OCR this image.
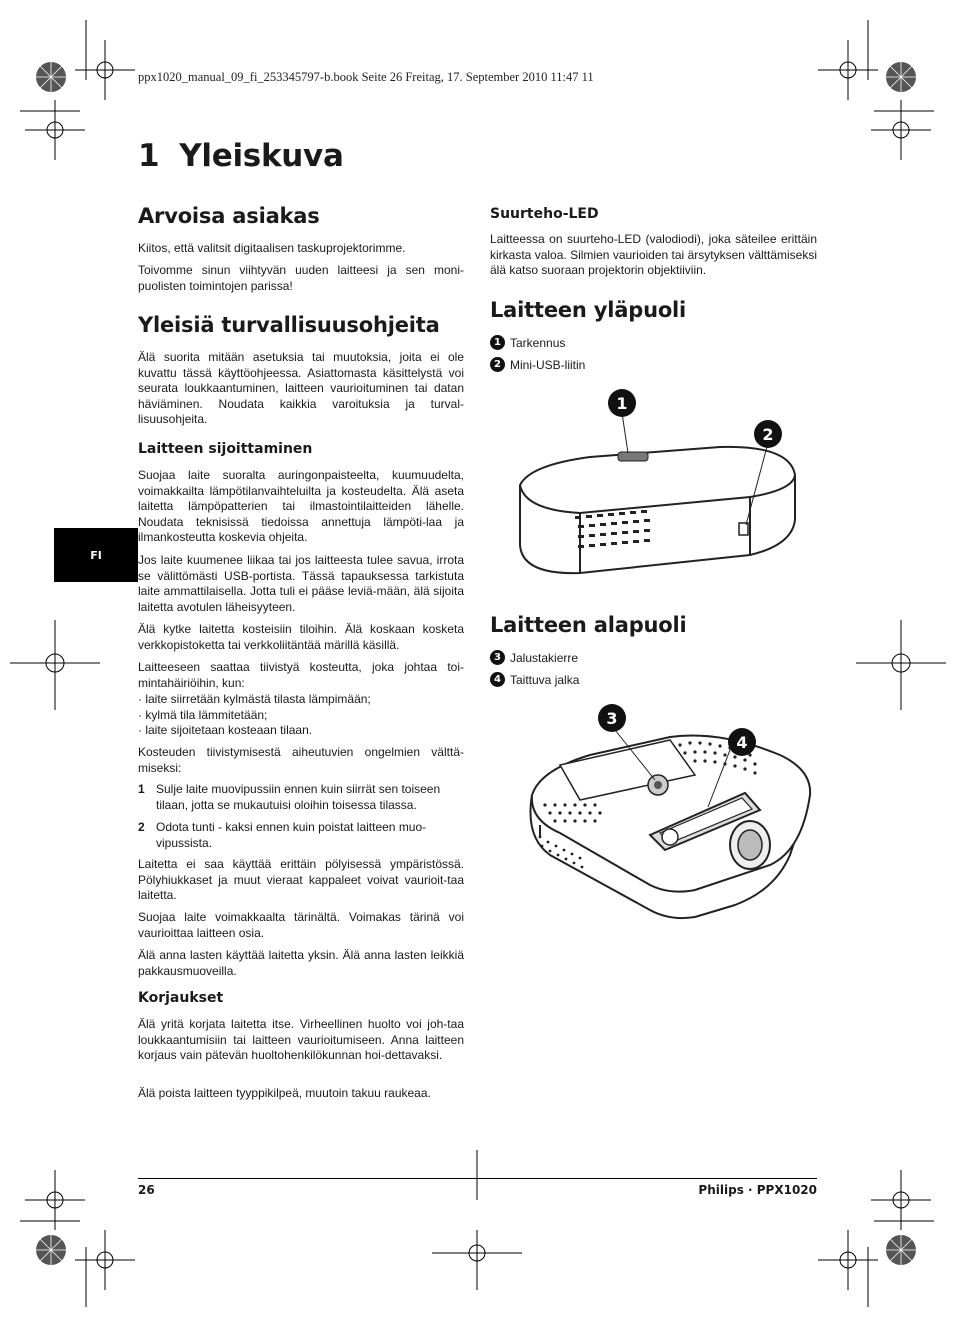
ppx1020_manual_09_fi_253345797-b.book Seite 26 Freitag, 17. September 2010 11:47 11
1 Yleiskuva
FI
Arvoisa asiakas

Kiitos, että valitsit digitaalisen taskuprojektorimme.

Toivomme sinun viihtyvän uuden laitteesi ja sen moni-puolisten toimintojen parissa!

Yleisiä turvallisuusohjeita

Älä suorita mitään asetuksia tai muutoksia, joita ei ole kuvattu tässä käyttöohjeessa. Asiattomasta käsittelystä voi seurata loukkaantuminen, laitteen vaurioituminen tai datan häviäminen. Noudata kaikkia varoituksia ja turval-lisuusohjeita.

Laitteen sijoittaminen

Suojaa laite suoralta auringonpaisteelta, kuumuudelta, voimakkailta lämpötilanvaihteluilta ja kosteudelta. Älä aseta laitetta lämpöpatterien tai ilmastointilaitteiden lähelle. Noudata teknisissä tiedoissa annettuja lämpöti-laa ja ilmankosteutta koskevia ohjeita.

Jos laite kuumenee liikaa tai jos laitteesta tulee savua, irrota se välittömästi USB-portista. Tässä tapauksessa tarkistuta laite ammattilaisella. Jotta tuli ei pääse leviä-mään, älä sijoita laitetta avotulen läheisyyteen.

Älä kytke laitetta kosteisiin tiloihin. Älä koskaan kosketa verkkopistoketta tai verkkoliitäntää märillä käsillä.

Laitteeseen saattaa tiivistyä kosteutta, joka johtaa toi-mintahäiriöihin, kun:

· laite siirretään kylmästä tilasta lämpimään;
· kylmä tila lämmitetään;
· laite sijoitetaan kosteaan tilaan.

Kosteuden tiivistymisestä aiheutuvien ongelmien välttä-miseksi:

1 Sulje laite muovipussiin ennen kuin siirrät sen toiseen tilaan, jotta se mukautuisi oloihin toisessa tilassa.
2 Odota tunti - kaksi ennen kuin poistat laitteen muo-vipussista.

Laitetta ei saa käyttää erittäin pölyisessä ympäristössä. Pölyhiukkaset ja muut vieraat kappaleet voivat vaurioit-taa laitetta.

Suojaa laite voimakkaalta tärinältä. Voimakas tärinä voi vaurioittaa laitteen osia.

Älä anna lasten käyttää laitetta yksin. Älä anna lasten leikkiä pakkausmuoveilla.

Korjaukset

Älä yritä korjata laitetta itse. Virheellinen huolto voi joh-taa loukkaantumisiin tai laitteen vaurioitumiseen. Anna laitteen korjaus vain pätevän huoltohenkilökunnan hoi-dettavaksi.

Älä poista laitteen tyyppikilpeä, muutoin takuu raukeaa.

Suurteho-LED

Laitteessa on suurteho-LED (valodiodi), joka säteilee erittäin kirkasta valoa. Silmien vaurioiden tai ärsytyksen välttämiseksi älä katso suoraan projektorin objektiiviin.

Laitteen yläpuoli
1 Tarkennus
2 Mini-USB-liitin
1
2
Laitteen alapuoli
3 Jalustakierre
4 Taittuva jalka
3
4
26	Philips · PPX1020
